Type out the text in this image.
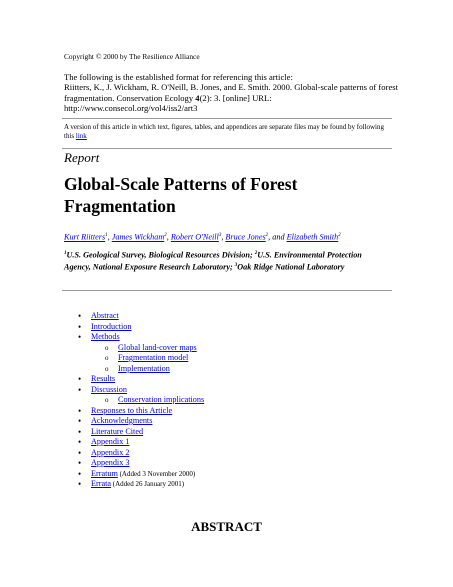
Copyright © 2000 by The Resilience Alliance
The following is the established format for referencing this article:
Riitters, K., J. Wickham, R. O'Neill, B. Jones, and E. Smith. 2000. Global-scale patterns of forest fragmentation. Conservation Ecology 4(2): 3. [online] URL: http://www.consecol.org/vol4/iss2/art3
A version of this article in which text, figures, tables, and appendices are separate files may be found by following this link
Report
Global-Scale Patterns of Forest Fragmentation
Kurt Riitters$^1$, James Wickham$^2$, Robert O'Neill$^3$, Bruce Jones$^2$, and Elizabeth Smith$^2$
$^1$U.S. Geological Survey, Biological Resources Division; $^2$U.S. Environmental Protection Agency, National Exposure Research Laboratory; $^3$Oak Ridge National Laboratory
• Abstract
• Introduction
• Methods
o Global land-cover maps
o Fragmentation model
o Implementation
• Results
• Discussion
o Conservation implications
• Responses to this Article
• Acknowledgments
• Literature Cited
• Appendix 1
• Appendix 2
• Appendix 3
• Erratum (Added 3 November 2000)
• Errata (Added 26 January 2001)
ABSTRACT
